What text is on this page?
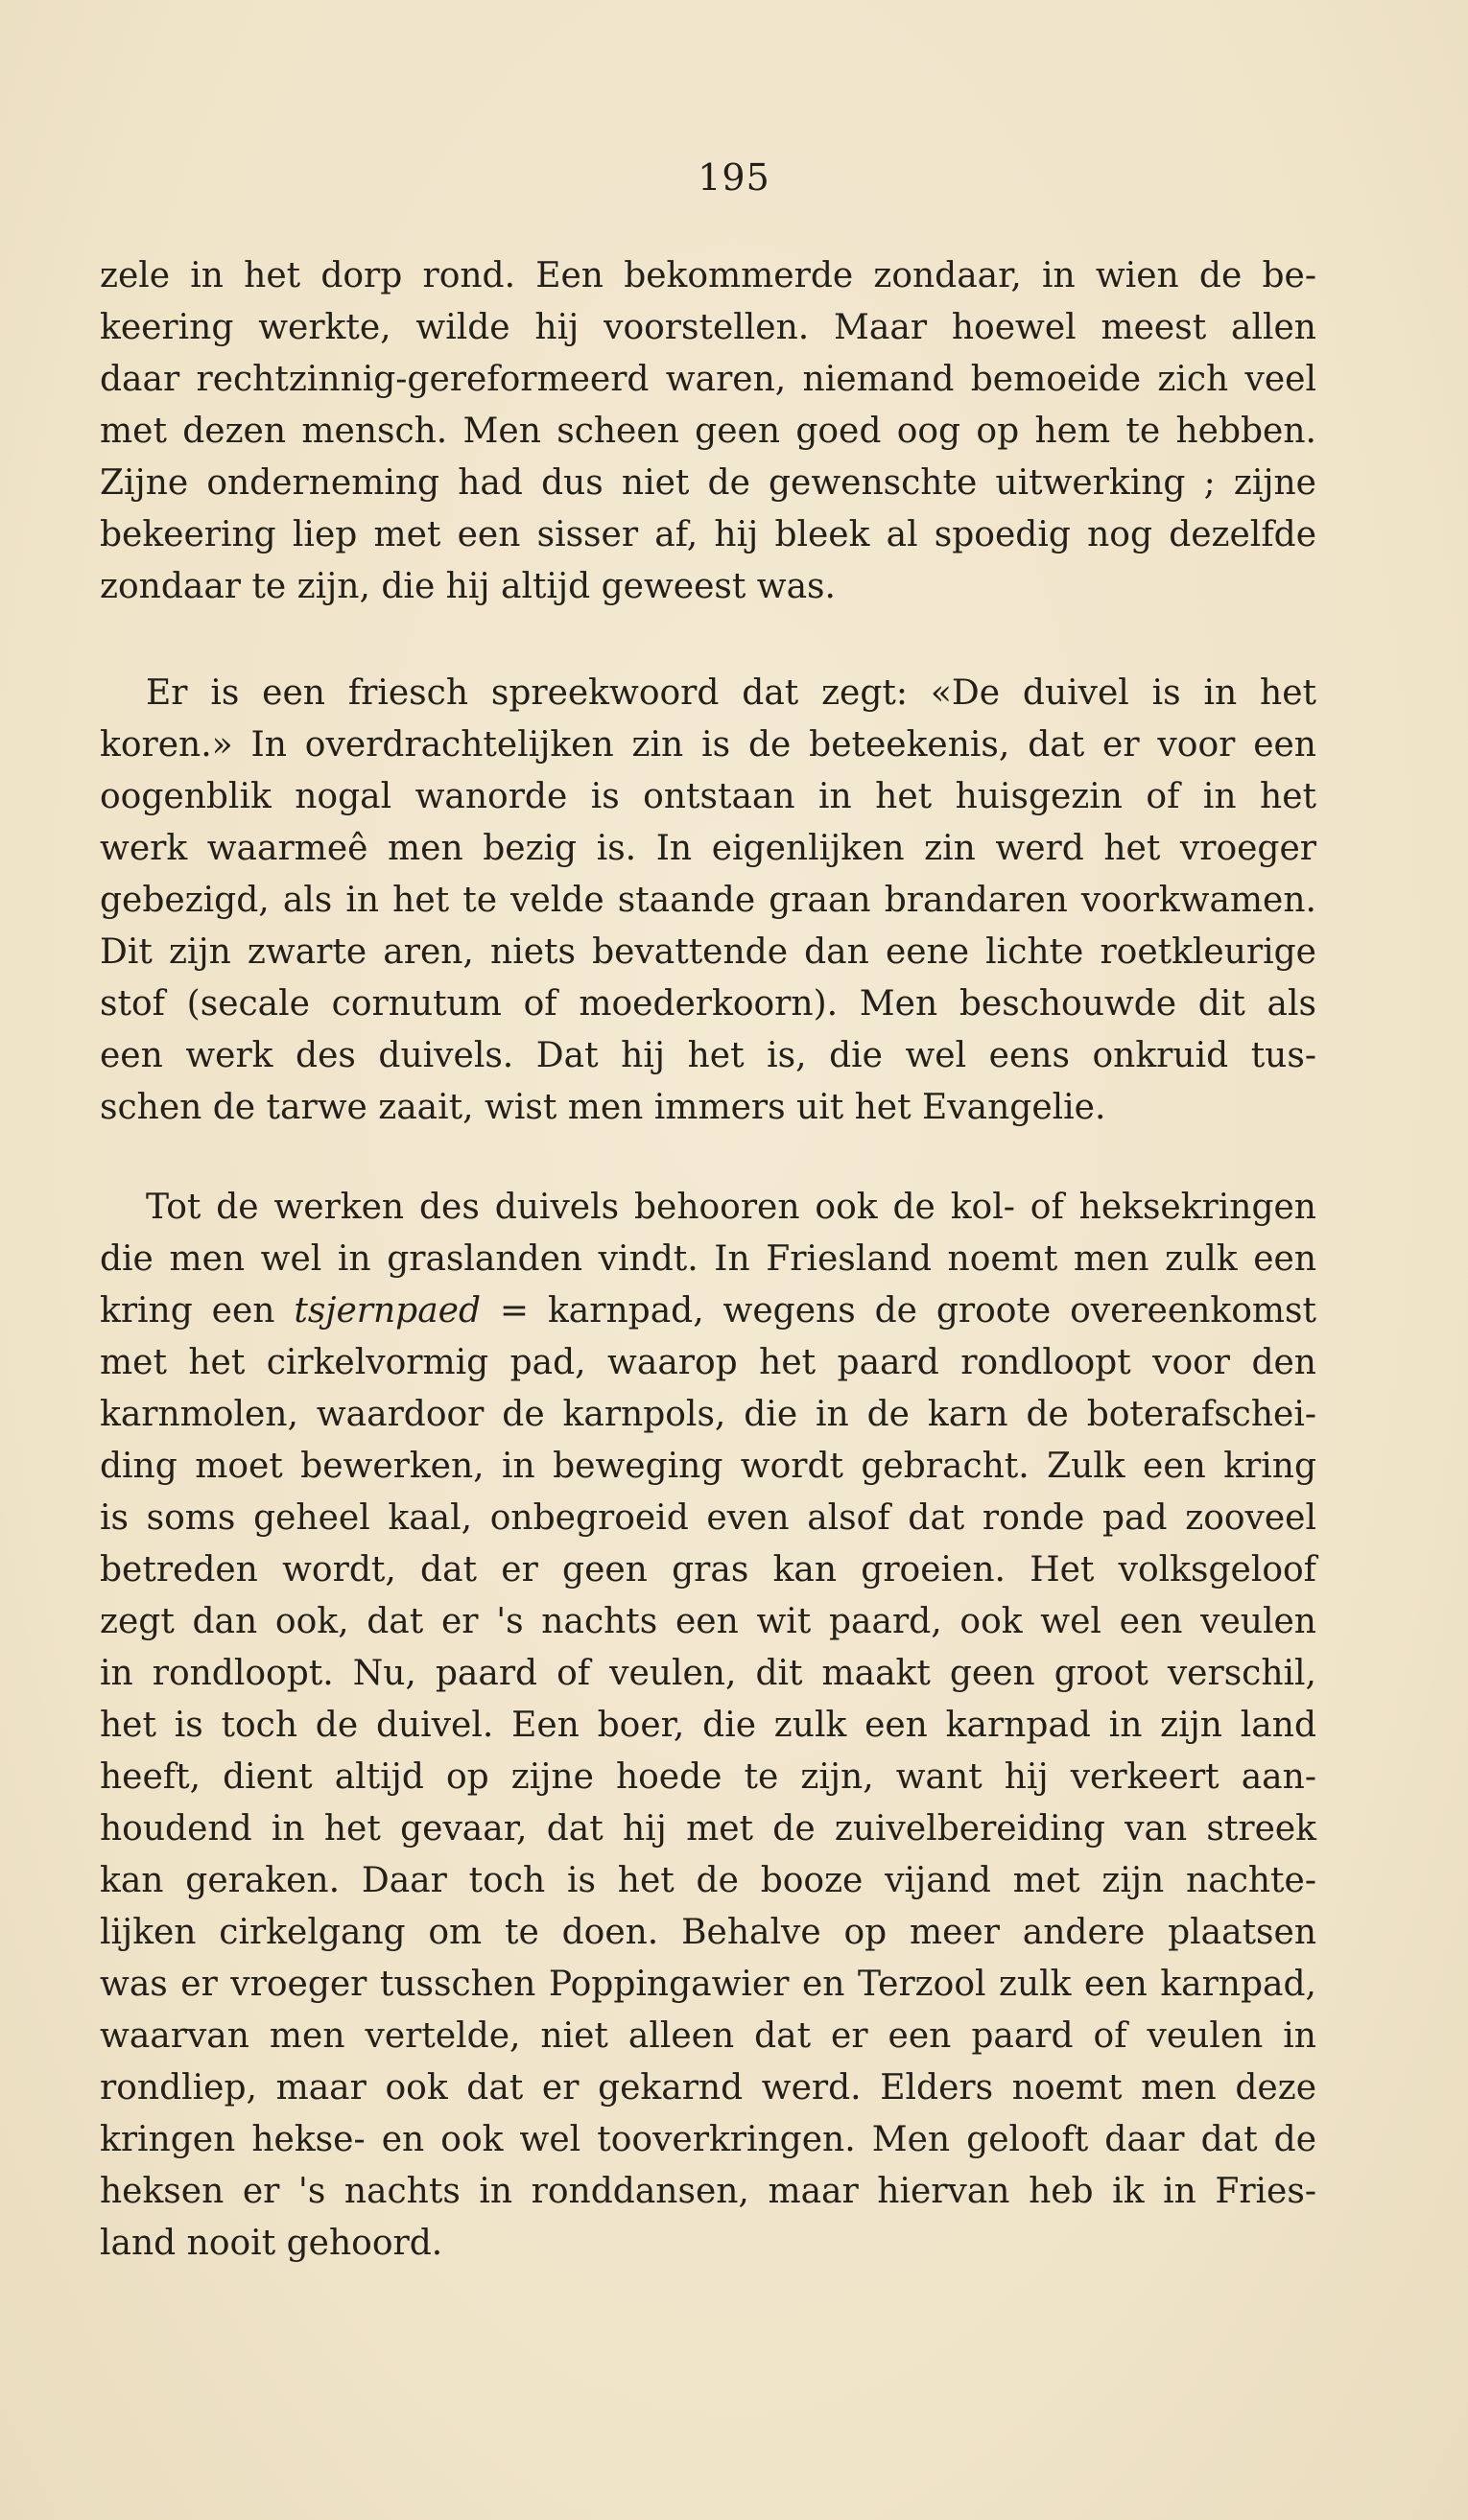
195
zele in het dorp rond. Een bekommerde zondaar, in wien de be-
keering werkte, wilde hij voorstellen. Maar hoewel meest allen
daar rechtzinnig-gereformeerd waren, niemand bemoeide zich veel
met dezen mensch. Men scheen geen goed oog op hem te hebben.
Zijne onderneming had dus niet de gewenschte uitwerking ; zijne
bekeering liep met een sisser af, hij bleek al spoedig nog dezelfde
zondaar te zijn, die hij altijd geweest was.
Er is een friesch spreekwoord dat zegt: «De duivel is in het
koren.» In overdrachtelijken zin is de beteekenis, dat er voor een
oogenblik nogal wanorde is ontstaan in het huisgezin of in het
werk waarmeê men bezig is. In eigenlijken zin werd het vroeger
gebezigd, als in het te velde staande graan brandaren voorkwamen.
Dit zijn zwarte aren, niets bevattende dan eene lichte roetkleurige
stof (secale cornutum of moederkoorn). Men beschouwde dit als
een werk des duivels. Dat hij het is, die wel eens onkruid tus-
schen de tarwe zaait, wist men immers uit het Evangelie.
Tot de werken des duivels behooren ook de kol- of heksekringen
die men wel in graslanden vindt. In Friesland noemt men zulk een
kring een tsjernpaed = karnpad, wegens de groote overeenkomst
met het cirkelvormig pad, waarop het paard rondloopt voor den
karnmolen, waardoor de karnpols, die in de karn de boterafschei-
ding moet bewerken, in beweging wordt gebracht. Zulk een kring
is soms geheel kaal, onbegroeid even alsof dat ronde pad zooveel
betreden wordt, dat er geen gras kan groeien. Het volksgeloof
zegt dan ook, dat er 's nachts een wit paard, ook wel een veulen
in rondloopt. Nu, paard of veulen, dit maakt geen groot verschil,
het is toch de duivel. Een boer, die zulk een karnpad in zijn land
heeft, dient altijd op zijne hoede te zijn, want hij verkeert aan-
houdend in het gevaar, dat hij met de zuivelbereiding van streek
kan geraken. Daar toch is het de booze vijand met zijn nachte-
lijken cirkelgang om te doen. Behalve op meer andere plaatsen
was er vroeger tusschen Poppingawier en Terzool zulk een karnpad,
waarvan men vertelde, niet alleen dat er een paard of veulen in
rondliep, maar ook dat er gekarnd werd. Elders noemt men deze
kringen hekse- en ook wel tooverkringen. Men gelooft daar dat de
heksen er 's nachts in ronddansen, maar hiervan heb ik in Fries-
land nooit gehoord.
